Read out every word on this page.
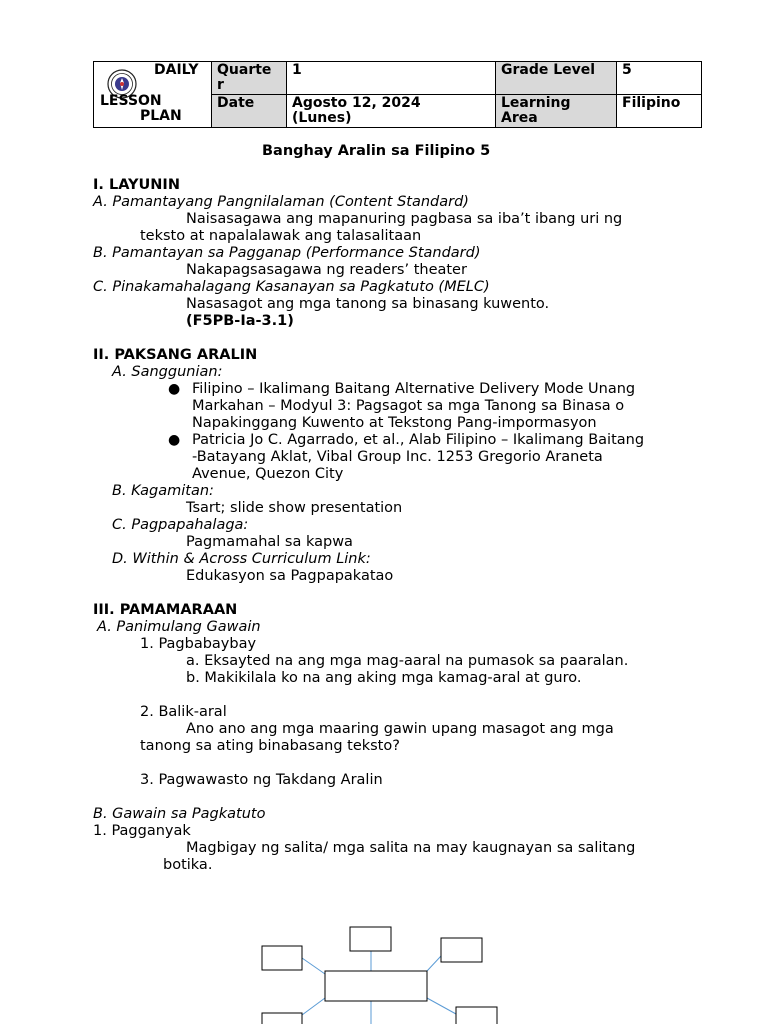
DAILY
LESSON
PLAN	Quarte r	1	Grade Level	5
	Date	Agosto 12, 2024 (Lunes)	Learning Area	Filipino
Banghay Aralin sa Filipino 5
I. LAYUNIN
A. Pamantayang Pangnilalaman (Content Standard)
Naisasagawa ang mapanuring pagbasa sa iba’t ibang uri ng
teksto at napalalawak ang talasalitaan
B. Pamantayan sa Pagganap (Performance Standard)
Nakapagsasagawa ng readers’ theater
C. Pinakamahalagang Kasanayan sa Pagkatuto (MELC)
Nasasagot ang mga tanong sa binasang kuwento.
(F5PB-Ia-3.1)
II. PAKSANG ARALIN
A. Sanggunian:
● Filipino – Ikalimang Baitang Alternative Delivery Mode Unang
Markahan – Modyul 3: Pagsagot sa mga Tanong sa Binasa o
Napakinggang Kuwento at Tekstong Pang-impormasyon
● Patricia Jo C. Agarrado, et al., Alab Filipino – Ikalimang Baitang
-Batayang Aklat, Vibal Group Inc. 1253 Gregorio Araneta
Avenue, Quezon City
B. Kagamitan:
Tsart; slide show presentation
C. Pagpapahalaga:
Pagmamahal sa kapwa
D. Within & Across Curriculum Link:
Edukasyon sa Pagpapakatao
III. PAMAMARAAN
A. Panimulang Gawain
1. Pagbabaybay
a. Eksayted na ang mga mag-aaral na pumasok sa paaralan.
b. Makikilala ko na ang aking mga kamag-aral at guro.
2. Balik-aral
Ano ano ang mga maaring gawin upang masagot ang mga
tanong sa ating binabasang teksto?
3. Pagwawasto ng Takdang Aralin
B. Gawain sa Pagkatuto
1. Pagganyak
Magbigay ng salita/ mga salita na may kaugnayan sa salitang
botika.
